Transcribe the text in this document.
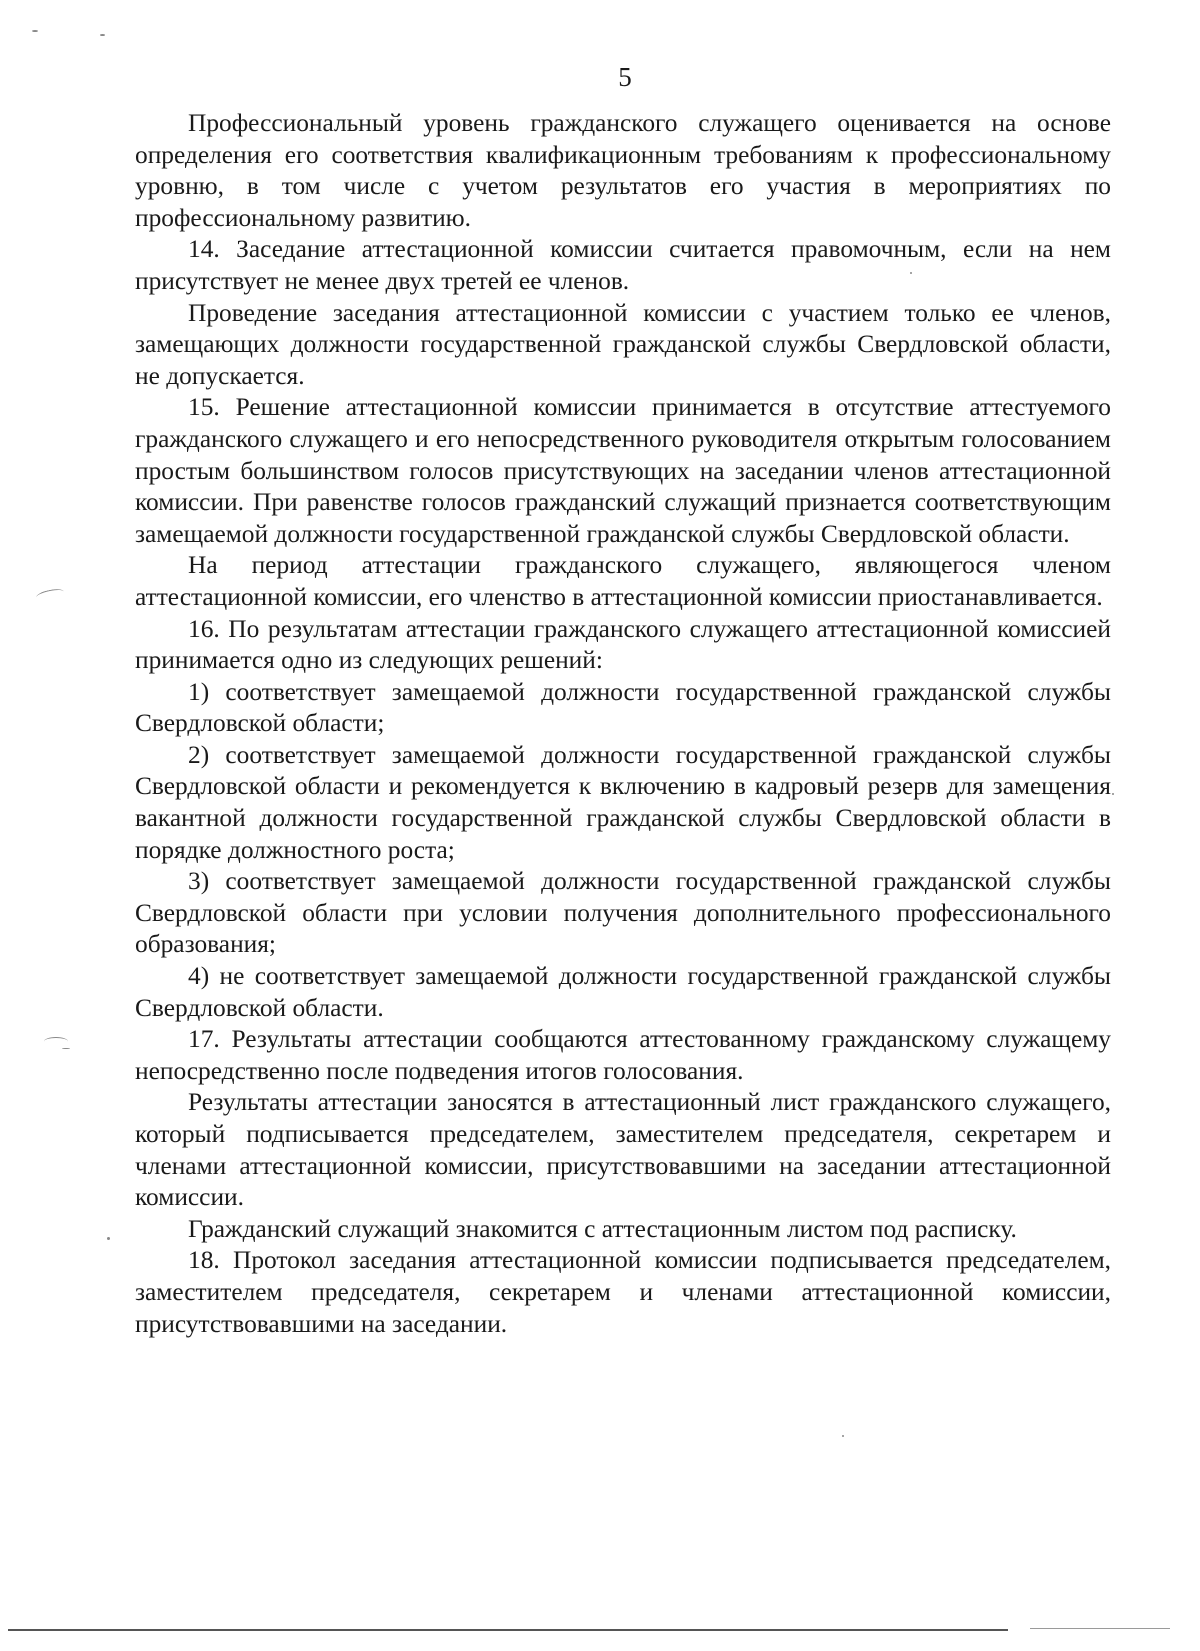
5

Профессиональный уровень гражданского служащего оценивается на основе определения его соответствия квалификационным требованиям к профессиональному уровню, в том числе с учетом результатов его участия в мероприятиях по профессиональному развитию.

14. Заседание аттестационной комиссии считается правомочным, если на нем присутствует не менее двух третей ее членов.

Проведение заседания аттестационной комиссии с участием только ее членов, замещающих должности государственной гражданской службы Свердловской области, не допускается.

15. Решение аттестационной комиссии принимается в отсутствие аттестуемого гражданского служащего и его непосредственного руководителя открытым голосованием простым большинством голосов присутствующих на заседании членов аттестационной комиссии. При равенстве голосов гражданский служащий признается соответствующим замещаемой должности государственной гражданской службы Свердловской области.

На период аттестации гражданского служащего, являющегося членом аттестационной комиссии, его членство в аттестационной комиссии приостанавливается.

16. По результатам аттестации гражданского служащего аттестационной комиссией принимается одно из следующих решений:

1) соответствует замещаемой должности государственной гражданской службы Свердловской области;

2) соответствует замещаемой должности государственной гражданской службы Свердловской области и рекомендуется к включению в кадровый резерв для замещения вакантной должности государственной гражданской службы Свердловской области в порядке должностного роста;

3) соответствует замещаемой должности государственной гражданской службы Свердловской области при условии получения дополнительного профессионального образования;

4) не соответствует замещаемой должности государственной гражданской службы Свердловской области.

17. Результаты аттестации сообщаются аттестованному гражданскому служащему непосредственно после подведения итогов голосования.

Результаты аттестации заносятся в аттестационный лист гражданского служащего, который подписывается председателем, заместителем председателя, секретарем и членами аттестационной комиссии, присутствовавшими на заседании аттестационной комиссии.

Гражданский служащий знакомится с аттестационным листом под расписку.

18. Протокол заседания аттестационной комиссии подписывается председателем, заместителем председателя, секретарем и членами аттестационной комиссии, присутствовавшими на заседании.
